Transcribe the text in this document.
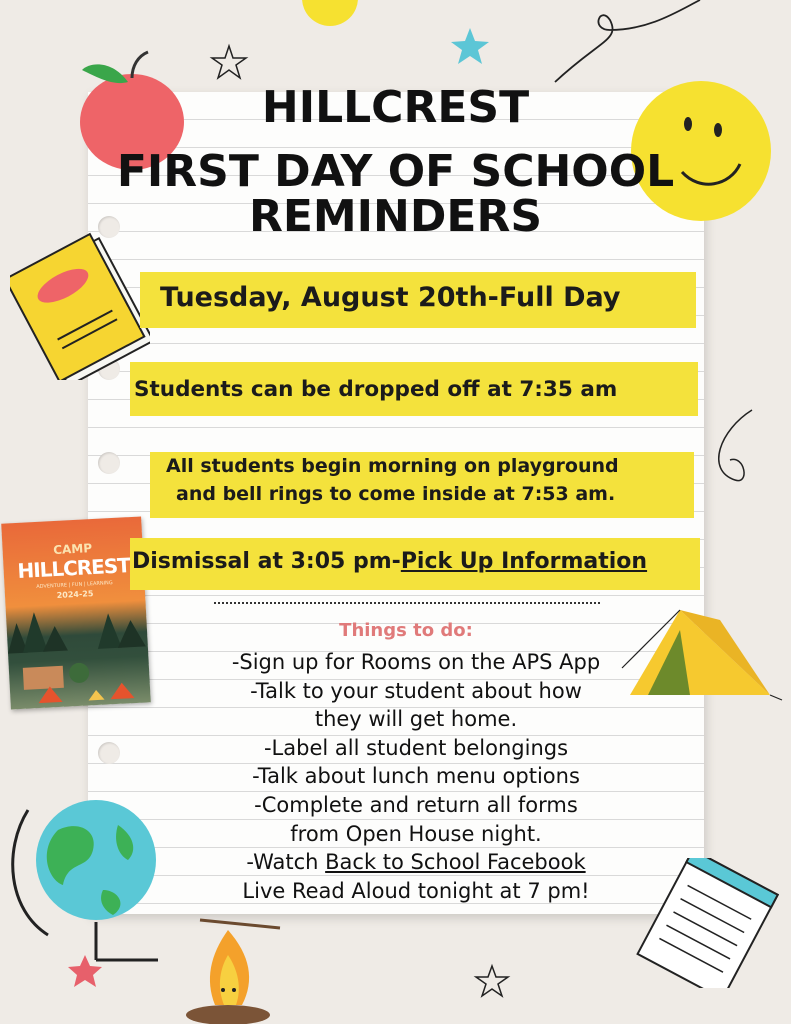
CAMP
HILLCREST
ADVENTURE | FUN | LEARNING
2024-25
HILLCREST
FIRST DAY OF SCHOOL
REMINDERS
Tuesday, August 20th-Full Day
Students can be dropped off at 7:35 am
All students begin morning on playground
and bell rings to come inside at 7:53 am.
Dismissal at 3:05 pm-Pick Up Information
Things to do:
-Sign up for Rooms on the APS App
-Talk to your student about how
they will get home.
-Label all student belongings
-Talk about lunch menu options
-Complete and return all forms
from Open House night.
-Watch Back to School Facebook
Live Read Aloud tonight at 7 pm!
